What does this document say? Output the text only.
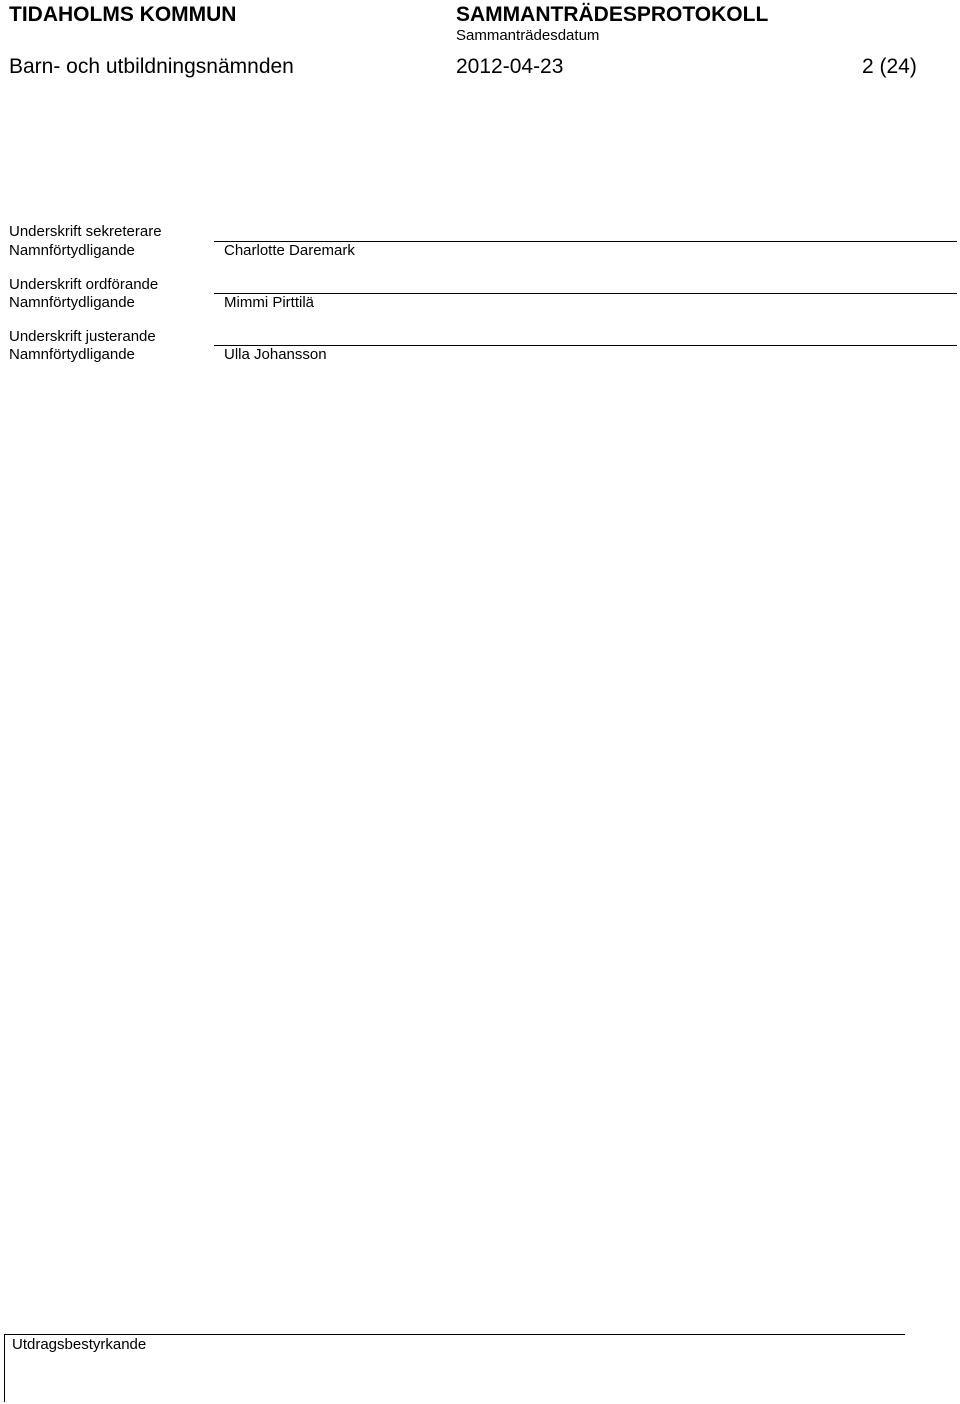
TIDAHOLMS KOMMUN	SAMMANTRÄDESPROTOKOLL
Sammanträdesdatum
Barn- och utbildningsnämnden	2012-04-23	2 (24)
Underskrift sekreterare
Namnförtydligande	Charlotte Daremark
Underskrift ordförande
Namnförtydligande	Mimmi Pirttilä
Underskrift justerande
Namnförtydligande	Ulla Johansson
Utdragsbestyrkande
